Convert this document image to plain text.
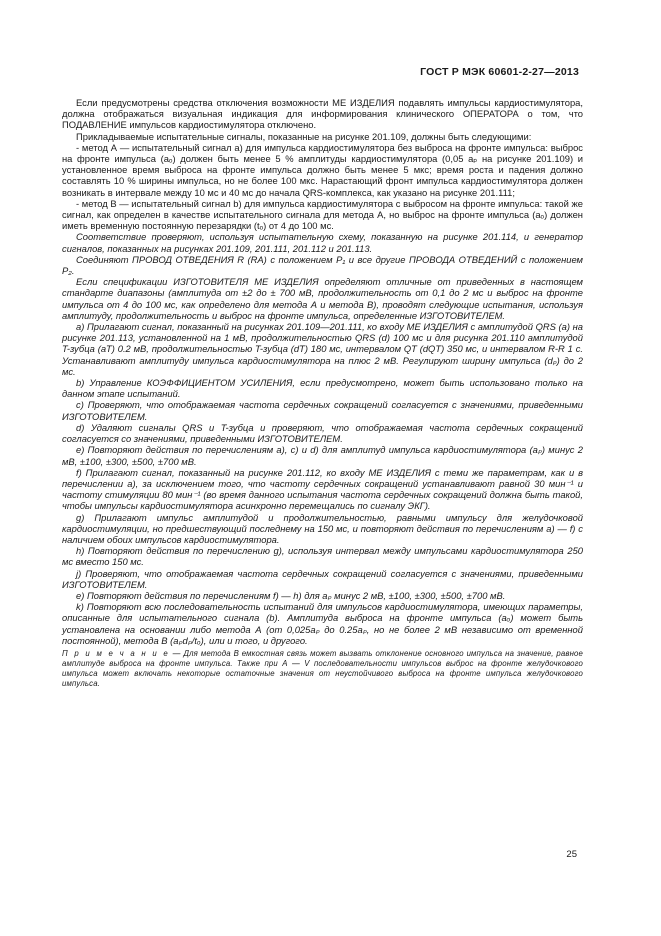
ГОСТ Р МЭК 60601-2-27—2013

Если предусмотрены средства отключения возможности МЕ ИЗДЕЛИЯ подавлять импульсы кардиостимулятора, должна отображаться визуальная индикация для информирования клинического ОПЕРАТОРА о том, что ПОДАВЛЕНИЕ импульсов кардиостимулятора отключено.

Прикладываемые испытательные сигналы, показанные на рисунке 201.109, должны быть следующими:

- метод А — испытательный сигнал а) для импульса кардиостимулятора без выброса на фронте импульса: выброс на фронте импульса (aₒ) должен быть менее 5 % амплитуды кардиостимулятора (0,05 aₚ на рисунке 201.109) и установленное время выброса на фронте импульса должно быть менее 5 мкс; время роста и падения должно составлять 10 % ширины импульса, но не более 100 мкс. Нарастающий фронт импульса кардиостимулятора должен возникать в интервале между 10 мс и 40 мс до начала QRS-комплекса, как указано на рисунке 201.111;

- метод В — испытательный сигнал b) для импульса кардиостимулятора с выбросом на фронте импульса: такой же сигнал, как определен в качестве испытательного сигнала для метода А, но выброс на фронте импульса (aₒ) должен иметь временную постоянную перезарядки (tₒ) от 4 до 100 мс.

Соответствие проверяют, используя испытательную схему, показанную на рисунке 201.114, и генератор сигналов, показанных на рисунках 201.109, 201.111, 201.112 и 201.113.

Соединяют ПРОВОД ОТВЕДЕНИЯ R (RA) с положением P₁ и все другие ПРОВОДА ОТВЕДЕНИЙ с положением P₂.

Если спецификации ИЗГОТОВИТЕЛЯ МЕ ИЗДЕЛИЯ определяют отличные от приведенных в настоящем стандарте диапазоны (амплитуда от ±2 до ± 700 мВ, продолжительность от 0,1 до 2 мс и выброс на фронте импульса от 4 до 100 мс, как определено для метода А и метода В), проводят следующие испытания, используя амплитуду, продолжительность и выброс на фронте импульса, определенные ИЗГОТОВИТЕЛЕМ.

а) Прилагают сигнал, показанный на рисунках 201.109—201.111, ко входу МЕ ИЗДЕЛИЯ с амплитудой QRS (a) на рисунке 201.113, установленной на 1 мВ, продолжительностью QRS (d) 100 мс и для рисунка 201.110 амплитудой T-зубца (aT) 0.2 мВ, продолжительностью T-зубца (dT) 180 мс, интервалом QT (dQT) 350 мс, и интервалом R-R 1 с. Устанавливают амплитуду импульса кардиостимулятора на плюс 2 мВ. Регулируют ширину импульса (dₚ) до 2 мс.

b) Управление КОЭФФИЦИЕНТОМ УСИЛЕНИЯ, если предусмотрено, может быть использовано только на данном этапе испытаний.

c) Проверяют, что отображаемая частота сердечных сокращений согласуется с значениями, приведенными ИЗГОТОВИТЕЛЕМ.

d) Удаляют сигналы QRS и T-зубца и проверяют, что отображаемая частота сердечных сокращений согласуется со значениями, приведенными ИЗГОТОВИТЕЛЕМ.

e) Повторяют действия по перечислениям а), с) и d) для амплитуд импульса кардиостимулятора (aₚ) минус 2 мВ, ±100, ±300, ±500, ±700 мВ.

f) Прилагают сигнал, показанный на рисунке 201.112, ко входу МЕ ИЗДЕЛИЯ с теми же параметрам, как и в перечислении а), за исключением того, что частоту сердечных сокращений устанавливают равной 30 мин⁻¹ и частоту стимуляции 80 мин⁻¹ (во время данного испытания частота сердечных сокращений должна быть такой, чтобы импульсы кардиостимулятора асинхронно перемещались по сигналу ЭКГ).

g) Прилагают импульс амплитудой и продолжительностью, равными импульсу для желудочковой кардиостимуляции, но предшествующий последнему на 150 мс, и повторяют действия по перечислениям а) — f) с наличием обоих импульсов кардиостимулятора.

h) Повторяют действия по перечислению g), используя интервал между импульсами кардиостимулятора 250 мс вместо 150 мс.

j) Проверяют, что отображаемая частота сердечных сокращений согласуется с значениями, приведенными ИЗГОТОВИТЕЛЕМ.

e) Повторяют действия по перечислениям f) — h) для aₚ минус 2 мВ, ±100, ±300, ±500, ±700 мВ.

k) Повторяют всю последовательность испытаний для импульсов кардиостимулятора, имеющих параметры, описанные для испытательного сигнала (b). Амплитуда выброса на фронте импульса (aₒ) может быть установлена на основании либо метода А (от 0,025aₚ до 0.25aₚ, но не более 2 мВ независимо от временной постоянной), метода В (aₚdₚ/tₒ), или и того, и другого.

П р и м е ч а н и е — Для метода В емкостная связь может вызвать отклонение основного импульса на значение, равное амплитуде выброса на фронте импульса. Также при А — V последовательности импульсов выброс на фронте желудочкового импульса может включать некоторые остаточные значения от неустойчивого выброса на фронте импульса желудочкового импульса.
25
